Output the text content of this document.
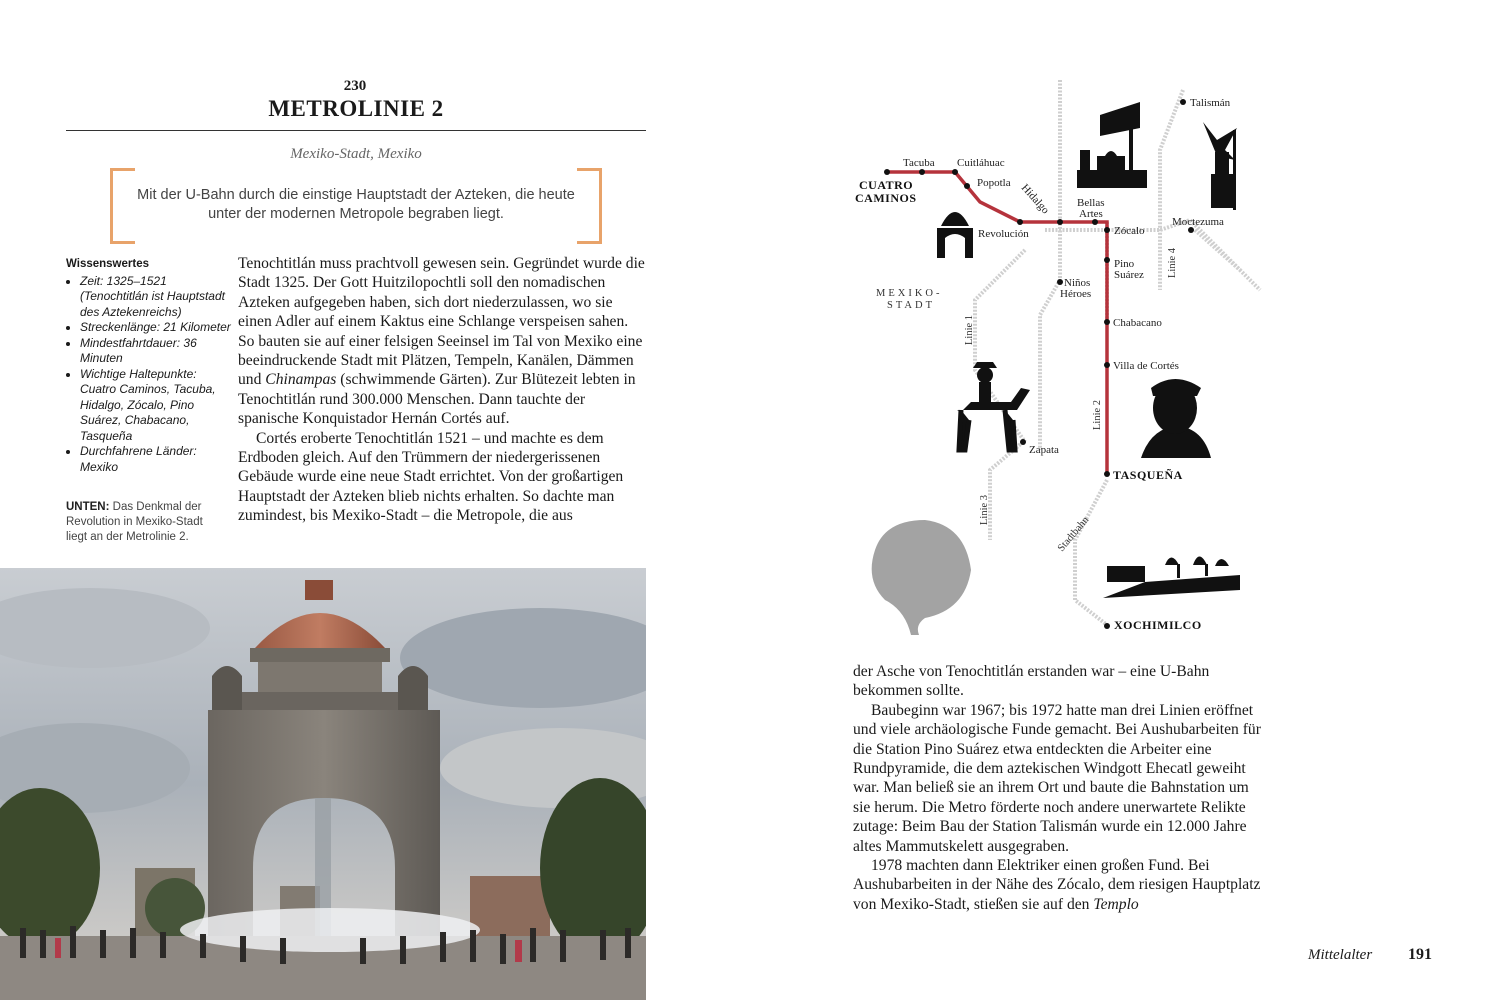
230
METROLINIE 2
Mexiko-Stadt, Mexiko
Mit der U-Bahn durch die einstige Hauptstadt der Azteken, die heute unter der modernen Metropole begraben liegt.
Wissenswertes
• Zeit: 1325–1521 (Tenochtitlán ist Hauptstadt des Aztekenreichs)
• Streckenlänge: 21 Kilometer
• Mindestfahrtdauer: 36 Minuten
• Wichtige Haltepunkte: Cuatro Caminos, Tacuba, Hidalgo, Zócalo, Pino Suárez, Chabacano, Tasqueña
• Durchfahrene Länder: Mexiko
UNTEN: Das Denkmal der Revolution in Mexiko-Stadt liegt an der Metrolinie 2.

Tenochtitlán muss prachtvoll gewesen sein. Gegründet wurde die Stadt 1325. Der Gott Huitzilopochtli soll den nomadischen Azteken aufgegeben haben, sich dort niederzulassen, wo sie einen Adler auf einem Kaktus eine Schlange verspeisen sahen. So bauten sie auf einer felsigen Seeinsel im Tal von Mexiko eine beeindruckende Stadt mit Plätzen, Tempeln, Kanälen, Dämmen und Chinampas (schwimmende Gärten). Zur Blütezeit lebten in Tenochtitlán rund 300.000 Menschen. Dann tauchte der spanische Konquistador Hernán Cortés auf.

Cortés eroberte Tenochtitlán 1521 – und machte es dem Erdboden gleich. Auf den Trümmern der niedergerissenen Gebäude wurde eine neue Stadt errichtet. Von der großartigen Hauptstadt der Azteken blieb nichts erhalten. So dachte man zumindest, bis Mexiko-Stadt – die Metropole, die aus

CUATRO
CAMINOS
Tacuba Cuitláhuac
Popotla Hidalgo
Revolución
Bellas
Artes
Zócalo
Pino
Suárez
Talismán
Moctezuma
Niños
Héroes
Chabacano
Villa de Cortés
Zapata
TASQUEÑA
XOCHIMILCO
MEXIKO-
STADT
Linie 1
Linie 2
Linie 3
Linie 4
Stadtbahn

der Asche von Tenochtitlán erstanden war – eine U-Bahn bekommen sollte.

Baubeginn war 1967; bis 1972 hatte man drei Linien eröffnet und viele archäologische Funde gemacht. Bei Aushubarbeiten für die Station Pino Suárez etwa entdeckten die Arbeiter eine Rundpyramide, die dem aztekischen Windgott Ehecatl geweiht war. Man beließ sie an ihrem Ort und baute die Bahnstation um sie herum. Die Metro förderte noch andere unerwartete Relikte zutage: Beim Bau der Station Talismán wurde ein 12.000 Jahre altes Mammutskelett ausgegraben.

1978 machten dann Elektriker einen großen Fund. Bei Aushubarbeiten in der Nähe des Zócalo, dem riesigen Hauptplatz von Mexiko-Stadt, stießen sie auf den Templo

Mittelalter 191
